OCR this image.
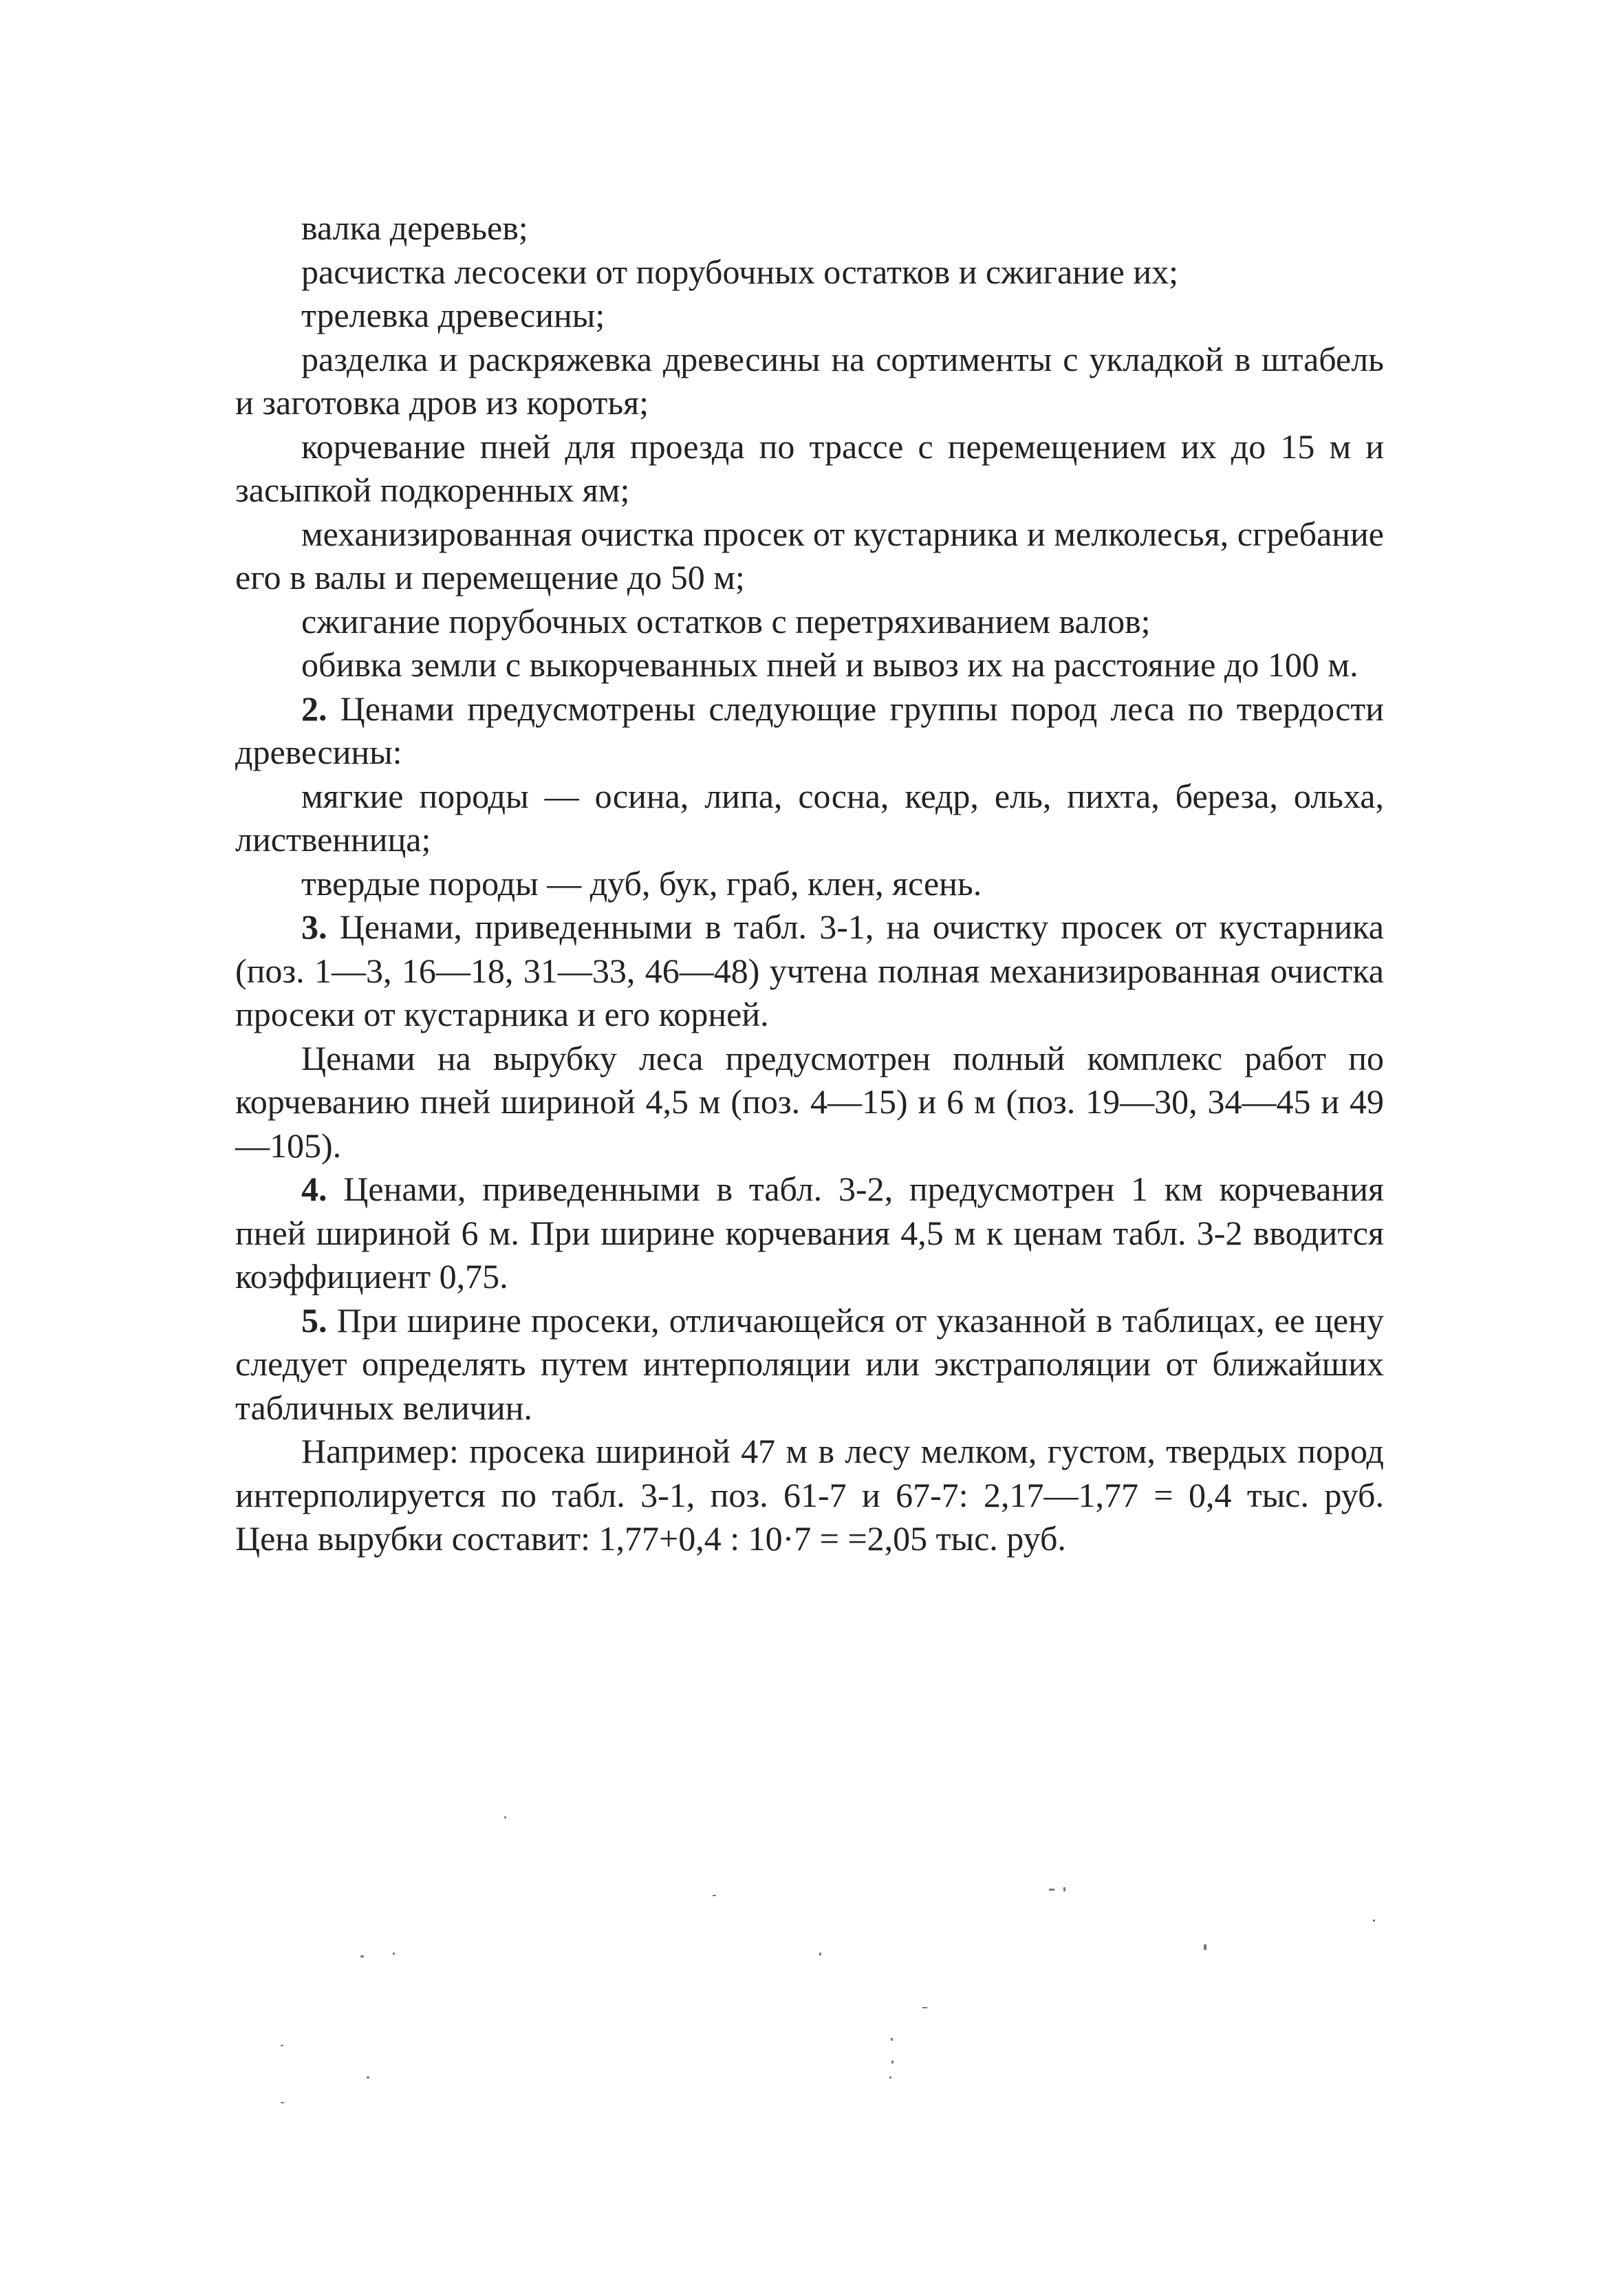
валка деревьев;

расчистка лесосеки от порубочных остатков и сжигание их;

трелевка древесины;

разделка и раскряжевка древесины на сортименты с укладкой в штабель и заготовка дров из коротья;

корчевание пней для проезда по трассе с перемещением их до 15 м и засыпкой подкоренных ям;

механизированная очистка просек от кустарника и мелколесья, сгребание его в валы и перемещение до 50 м;

сжигание порубочных остатков с перетряхиванием валов;

обивка земли с выкорчеванных пней и вывоз их на расстояние до 100 м.

2. Ценами предусмотрены следующие группы пород леса по твердости древесины:

мягкие породы — осина, липа, сосна, кедр, ель, пихта, береза, ольха, лиственница;

твердые породы — дуб, бук, граб, клен, ясень.

3. Ценами, приведенными в табл. 3-1, на очистку просек от кустарника (поз. 1—3, 16—18, 31—33, 46—48) учтена полная механизированная очистка просеки от кустарника и его корней.

Ценами на вырубку леса предусмотрен полный комплекс работ по корчеванию пней шириной 4,5 м (поз. 4—15) и 6 м (поз. 19—30, 34—45 и 49—105).

4. Ценами, приведенными в табл. 3-2, предусмотрен 1 км корчевания пней шириной 6 м. При ширине корчевания 4,5 м к ценам табл. 3-2 вводится коэффициент 0,75.

5. При ширине просеки, отличающейся от указанной в таблицах, ее цену следует определять путем интерполяции или экстраполяции от ближайших табличных величин.

Например: просека шириной 47 м в лесу мелком, густом, твердых пород интерполируется по табл. 3-1, поз. 61-7 и 67-7: 2,17—1,77 = 0,4 тыс. руб. Цена вырубки составит: 1,77+0,4 : 10·7 = =2,05 тыс. руб.
